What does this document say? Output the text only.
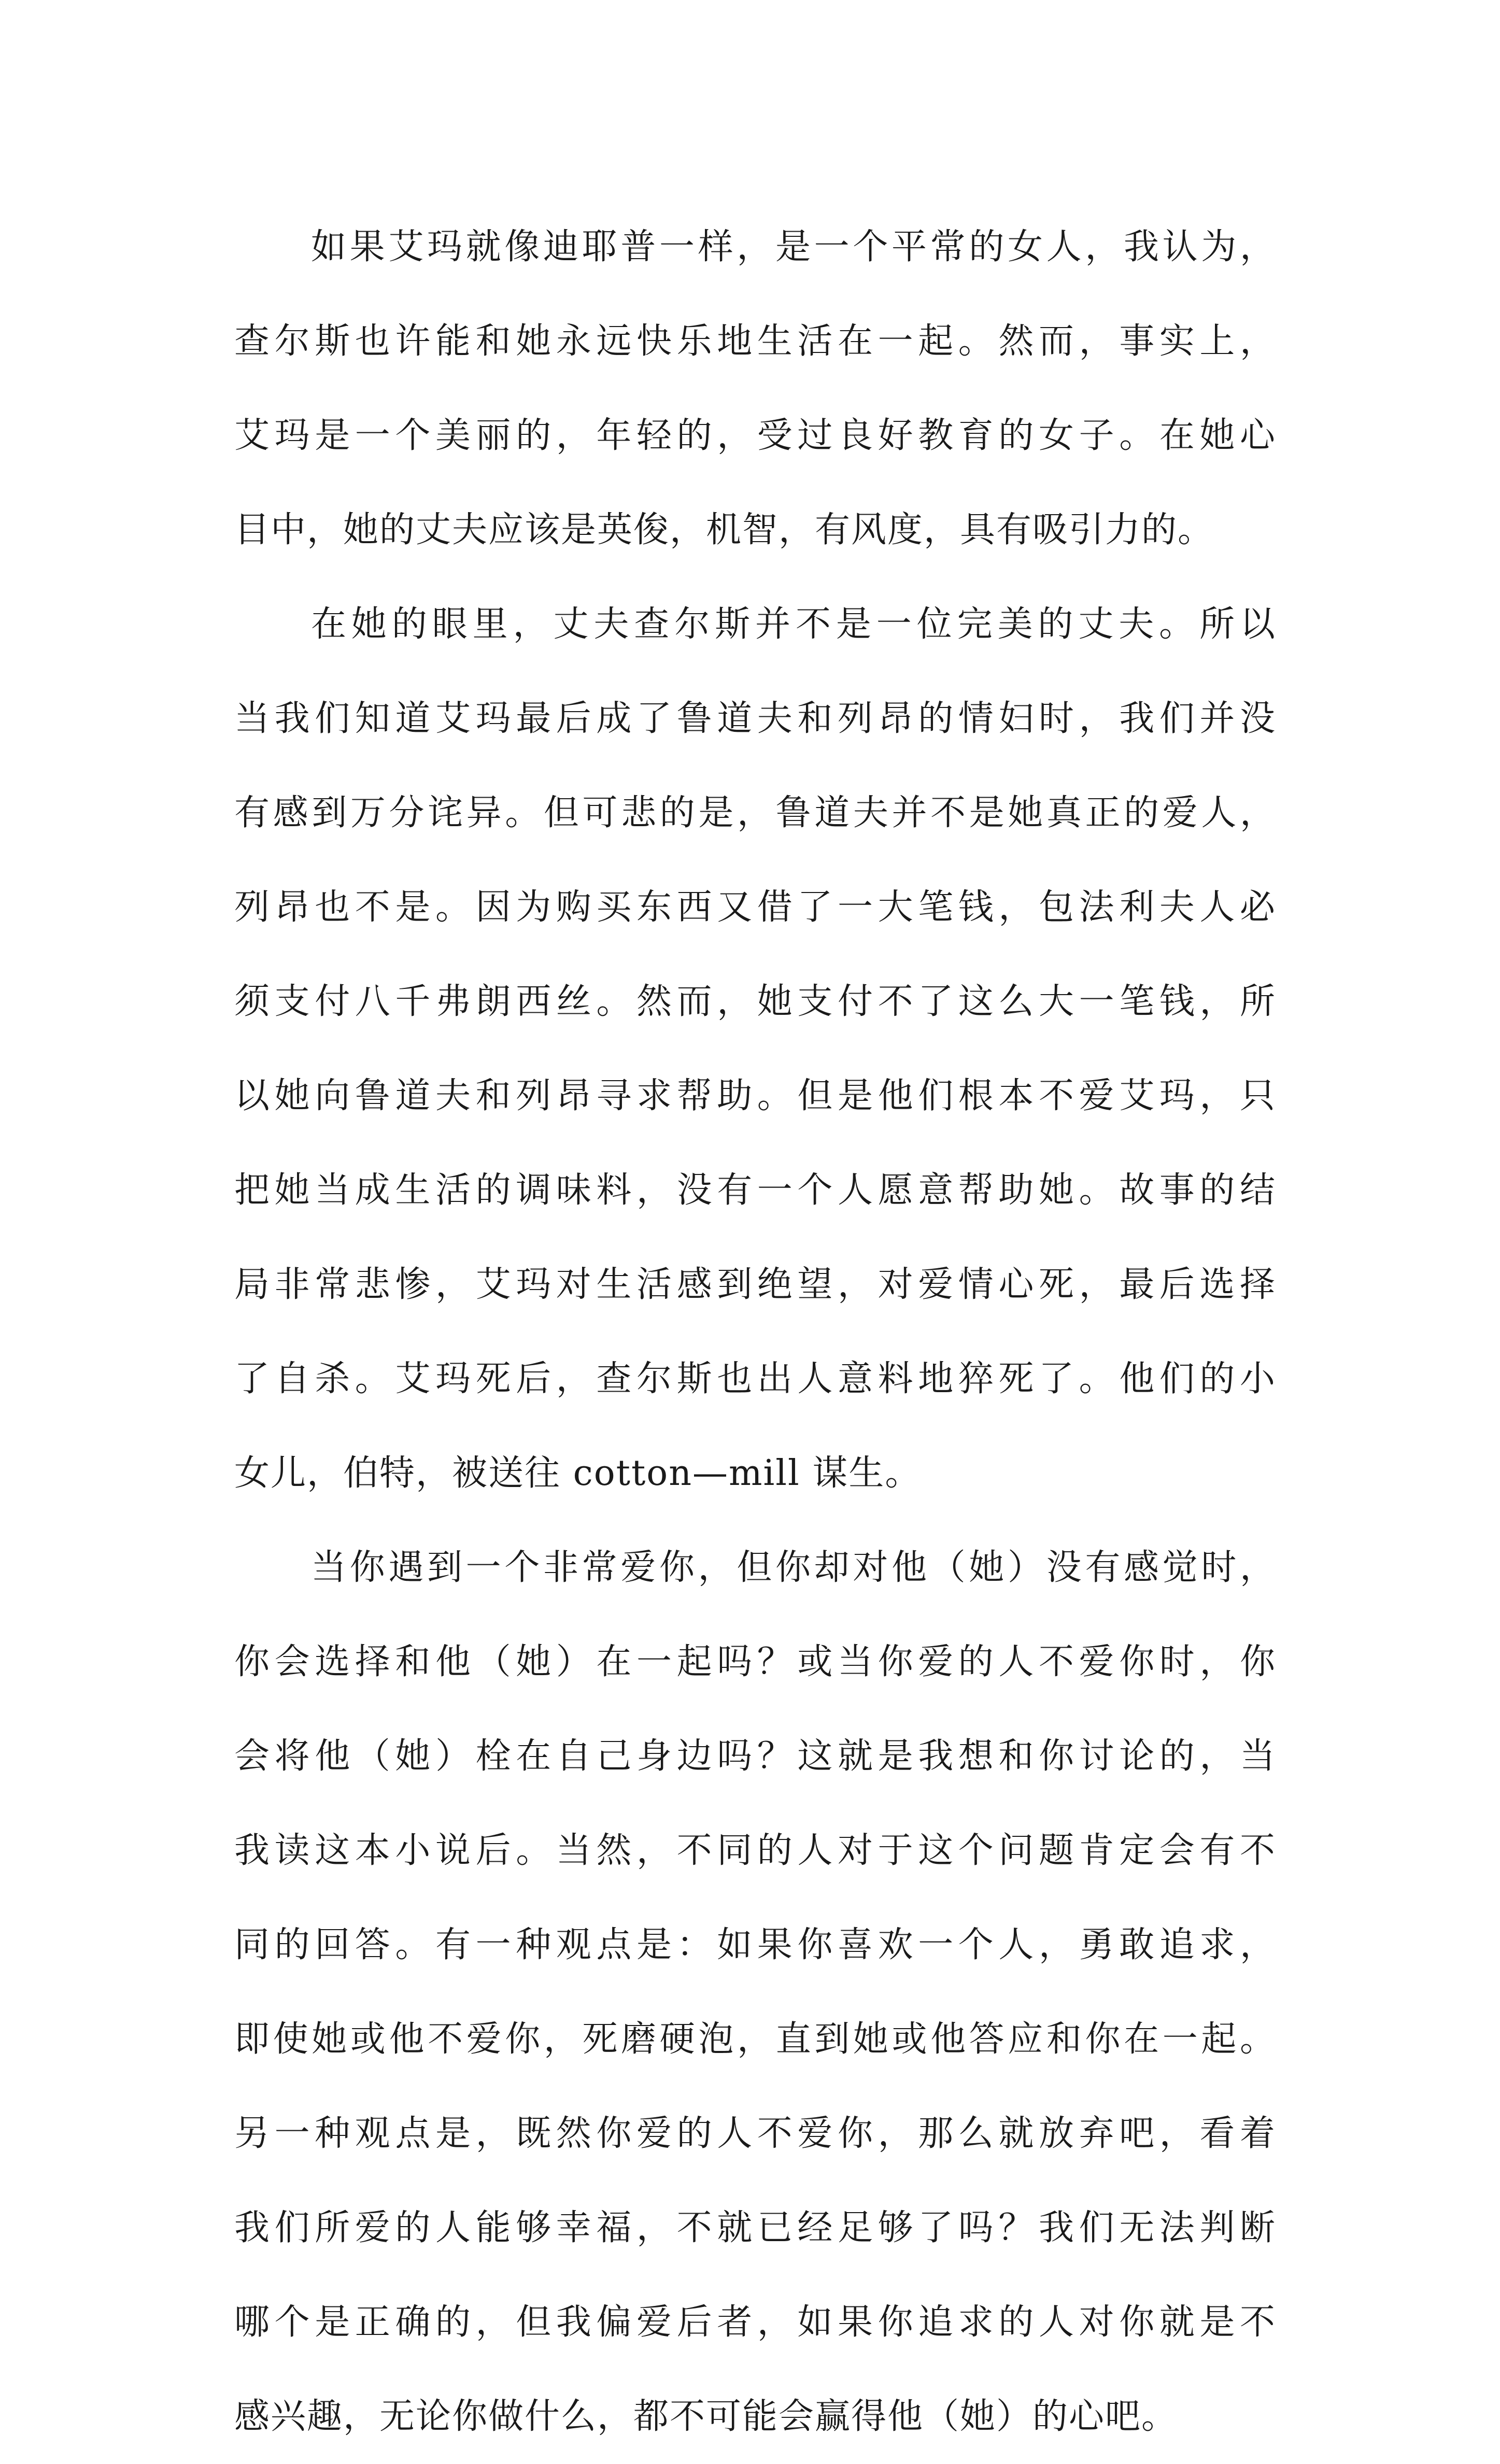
如果艾玛就像迪耶普一样，是一个平常的女人，我认为，
查尔斯也许能和她永远快乐地生活在一起。然而，事实上，
艾玛是一个美丽的，年轻的，受过良好教育的女子。在她心
目中，她的丈夫应该是英俊，机智，有风度，具有吸引力的。
在她的眼里，丈夫查尔斯并不是一位完美的丈夫。所以
当我们知道艾玛最后成了鲁道夫和列昂的情妇时，我们并没
有感到万分诧异。但可悲的是，鲁道夫并不是她真正的爱人，
列昂也不是。因为购买东西又借了一大笔钱，包法利夫人必
须支付八千弗朗西丝。然而，她支付不了这么大一笔钱，所
以她向鲁道夫和列昂寻求帮助。但是他们根本不爱艾玛，只
把她当成生活的调味料，没有一个人愿意帮助她。故事的结
局非常悲惨，艾玛对生活感到绝望，对爱情心死，最后选择
了自杀。艾玛死后，查尔斯也出人意料地猝死了。他们的小
女儿，伯特，被送往 cotton—mill 谋生。
当你遇到一个非常爱你，但你却对他（她）没有感觉时，
你会选择和他（她）在一起吗？或当你爱的人不爱你时，你
会将他（她）栓在自己身边吗？这就是我想和你讨论的，当
我读这本小说后。当然，不同的人对于这个问题肯定会有不
同的回答。有一种观点是：如果你喜欢一个人，勇敢追求，
即使她或他不爱你，死磨硬泡，直到她或他答应和你在一起。
另一种观点是，既然你爱的人不爱你，那么就放弃吧，看着
我们所爱的人能够幸福，不就已经足够了吗？我们无法判断
哪个是正确的，但我偏爱后者，如果你追求的人对你就是不
感兴趣，无论你做什么，都不可能会赢得他（她）的心吧。
